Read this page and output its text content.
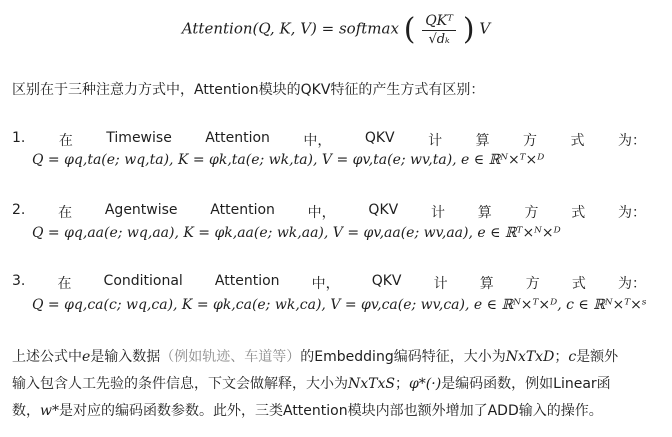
Attention(Q, K, V) = softmax ( $\frac{\text{QKᵀ}}{\text{√dₖ}}$ ) V
区别在于三种注意力方式中，Attention模块的QKV特征的产生方式有区别：
1. 在 Timewise Attention 中， QKV 计 算 方 式 为：
Q = φq,ta(e; wq,ta), K = φk,ta(e; wk,ta), V = φv,ta(e; wv,ta), e ∈ ℝᴺ×ᵀ×ᴰ
2. 在 Agentwise Attention 中， QKV 计 算 方 式 为：
Q = φq,aa(e; wq,aa), K = φk,aa(e; wk,aa), V = φv,aa(e; wv,aa), e ∈ ℝᵀ×ᴺ×ᴰ
3. 在 Conditional Attention 中， QKV 计 算 方 式 为：
Q = φq,ca(c; wq,ca), K = φk,ca(e; wk,ca), V = φv,ca(e; wv,ca), e ∈ ℝᴺ×ᵀ×ᴰ, c ∈ ℝᴺ×ᵀ×ˢ
上述公式中e是输入数据（例如轨迹、车道等）的Embedding编码特征，大小为NxTxD；c是额外
输入包含人工先验的条件信息，下文会做解释，大小为NxTxS；φ*(·)是编码函数，例如Linear函
数，w*是对应的编码函数参数。此外，三类Attention模块内部也额外增加了ADD输入的操作。
